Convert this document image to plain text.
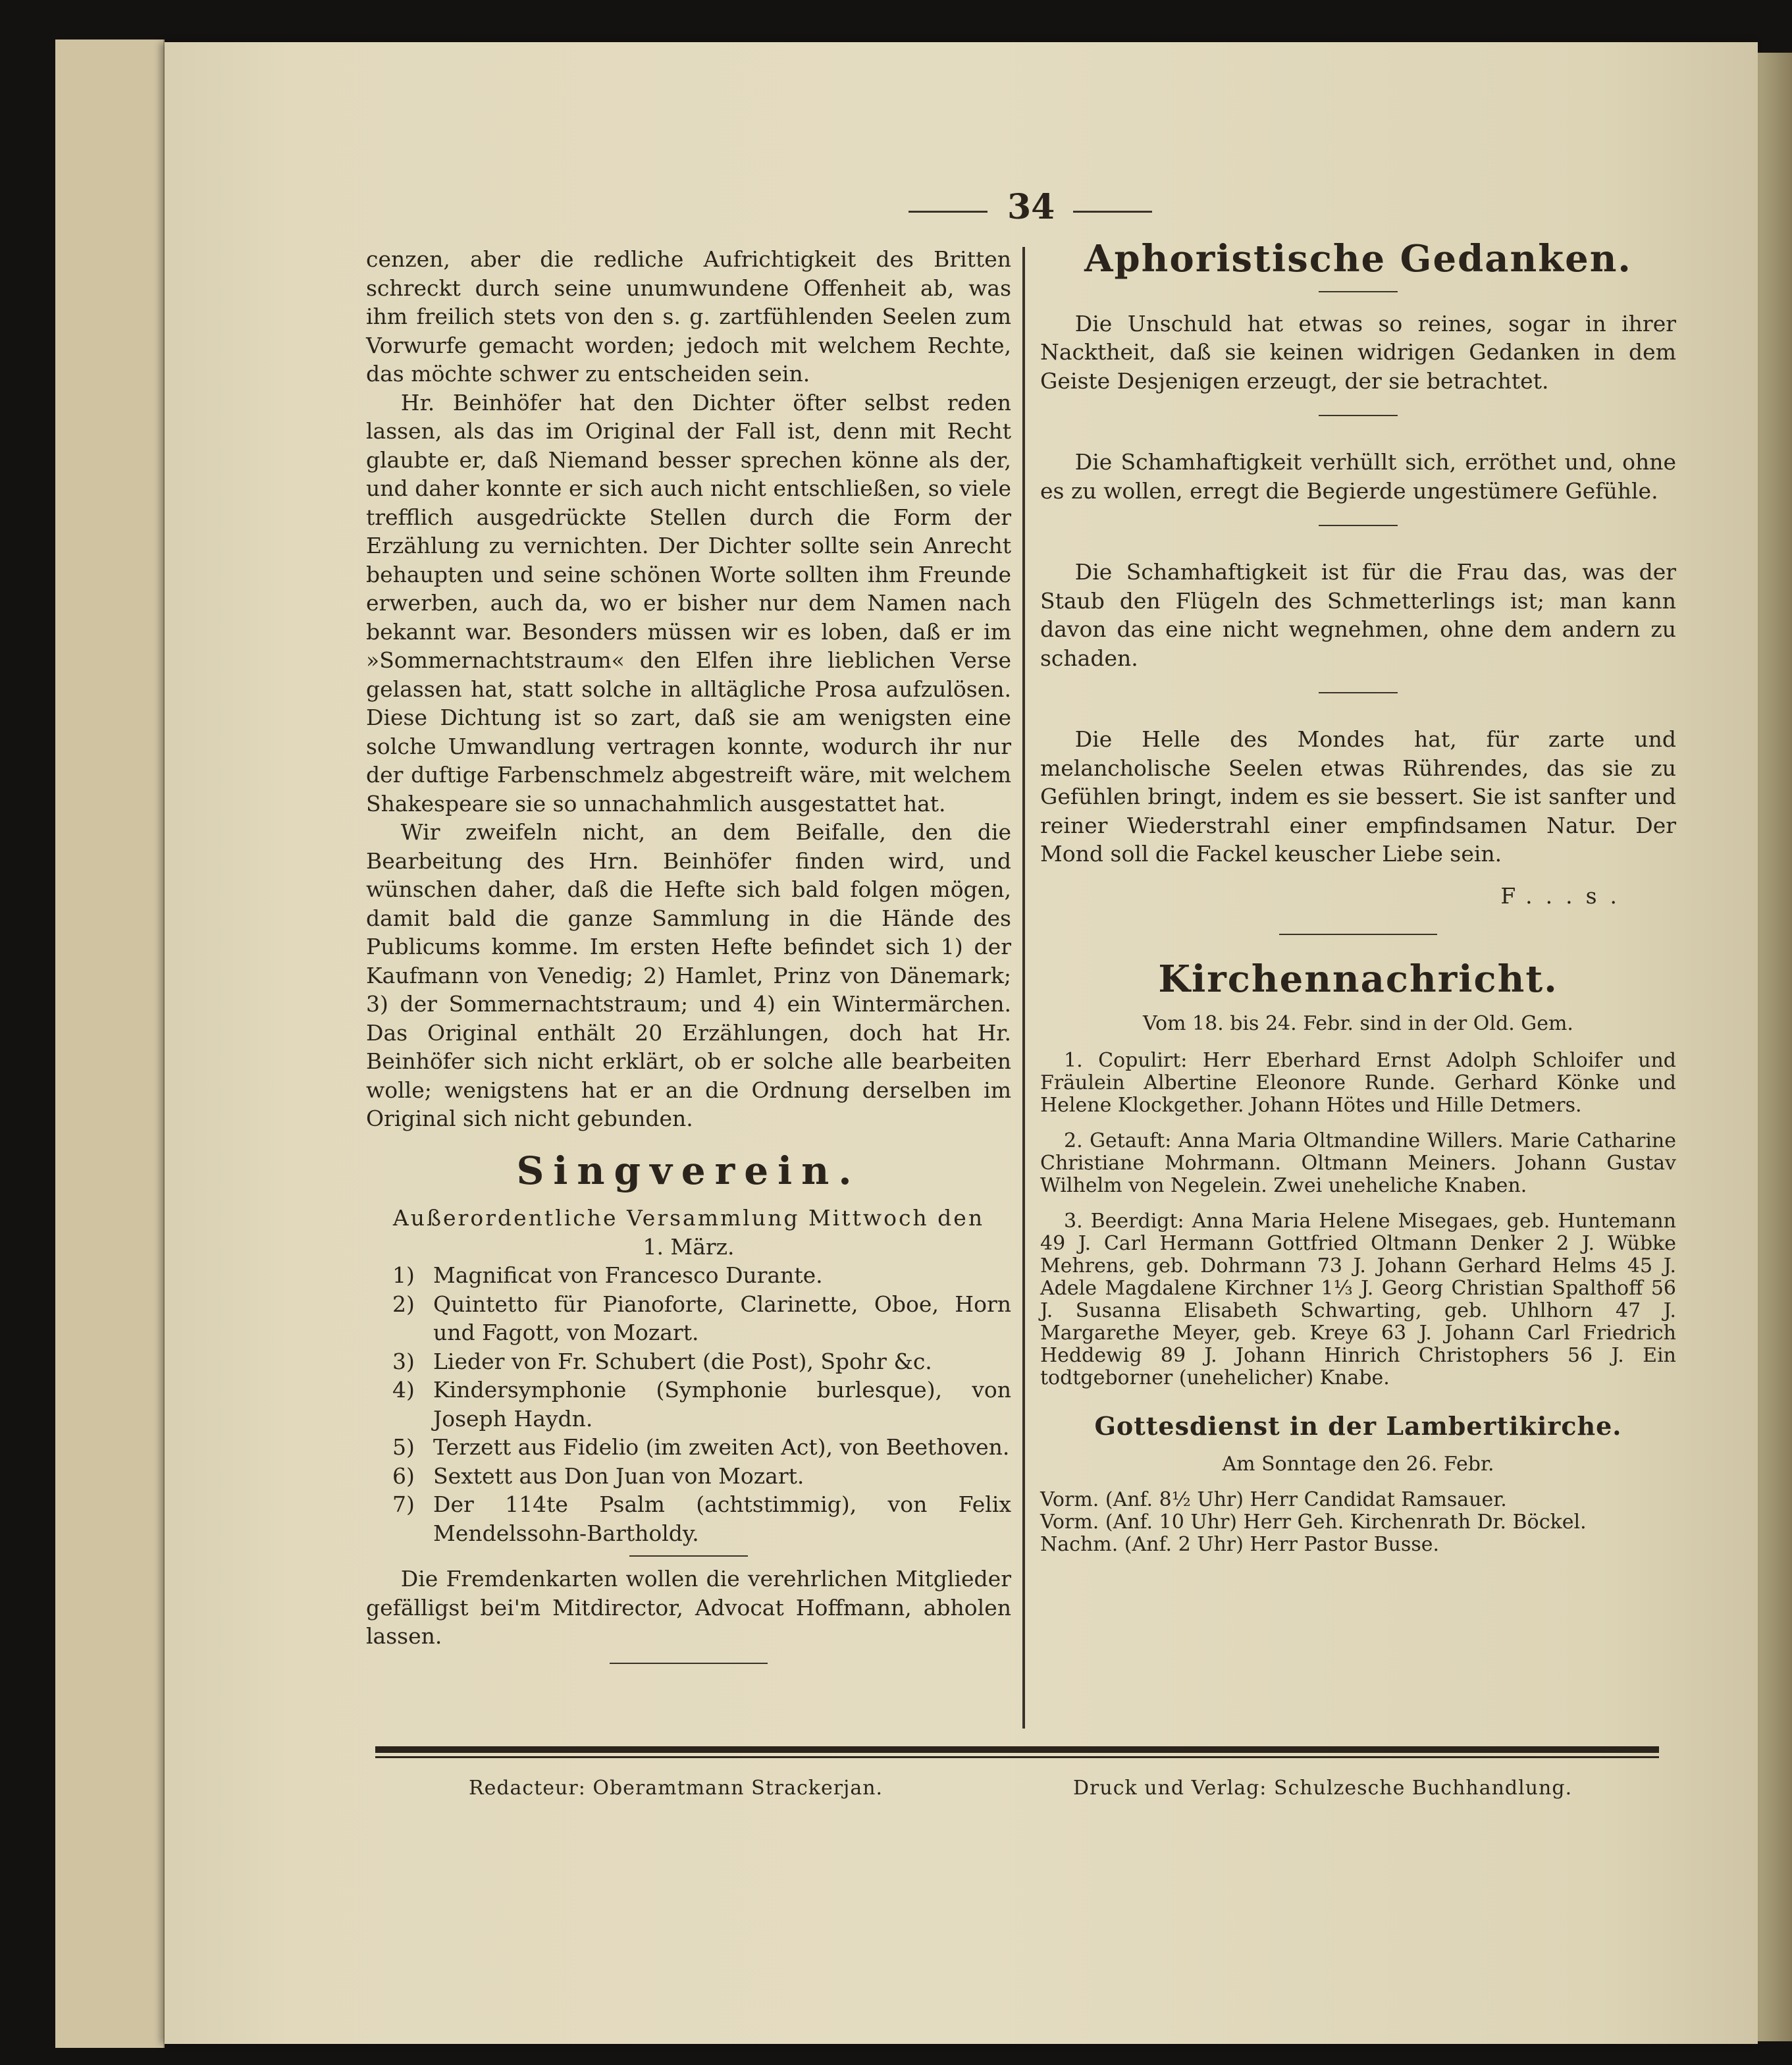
34

cenzen, aber die redliche Aufrichtigkeit des Britten schreckt durch seine unumwundene Offenheit ab, was ihm freilich stets von den s. g. zartfühlenden Seelen zum Vorwurfe gemacht worden; jedoch mit welchem Rechte, das möchte schwer zu entscheiden sein.

Hr. Beinhöfer hat den Dichter öfter selbst reden lassen, als das im Original der Fall ist, denn mit Recht glaubte er, daß Niemand besser sprechen könne als der, und daher konnte er sich auch nicht entschließen, so viele trefflich ausgedrückte Stellen durch die Form der Erzählung zu vernichten. Der Dichter sollte sein Anrecht behaupten und seine schönen Worte sollten ihm Freunde erwerben, auch da, wo er bisher nur dem Namen nach bekannt war. Besonders müssen wir es loben, daß er im »Sommernachtstraum« den Elfen ihre lieblichen Verse gelassen hat, statt solche in alltägliche Prosa aufzulösen. Diese Dichtung ist so zart, daß sie am wenigsten eine solche Umwandlung vertragen konnte, wodurch ihr nur der duftige Farbenschmelz abgestreift wäre, mit welchem Shakespeare sie so unnachahmlich ausgestattet hat.

Wir zweifeln nicht, an dem Beifalle, den die Bearbeitung des Hrn. Beinhöfer finden wird, und wünschen daher, daß die Hefte sich bald folgen mögen, damit bald die ganze Sammlung in die Hände des Publicums komme. Im ersten Hefte befindet sich 1) der Kaufmann von Venedig; 2) Hamlet, Prinz von Dänemark; 3) der Sommernachtstraum; und 4) ein Wintermärchen. Das Original enthält 20 Erzählungen, doch hat Hr. Beinhöfer sich nicht erklärt, ob er solche alle bearbeiten wolle; wenigstens hat er an die Ordnung derselben im Original sich nicht gebunden.

Singverein.

Außerordentliche Versammlung Mittwoch den

1. März.

1) Magnificat von Francesco Durante.
2) Quintetto für Pianoforte, Clarinette, Oboe, Horn und Fagott, von Mozart.
3) Lieder von Fr. Schubert (die Post), Spohr &c.
4) Kindersymphonie (Symphonie burlesque), von Joseph Haydn.
5) Terzett aus Fidelio (im zweiten Act), von Beethoven.
6) Sextett aus Don Juan von Mozart.
7) Der 114te Psalm (achtstimmig), von Felix Mendelssohn-Bartholdy.

Die Fremdenkarten wollen die verehrlichen Mitglieder gefälligst bei'm Mitdirector, Advocat Hoffmann, abholen lassen.

Aphoristische Gedanken.

Die Unschuld hat etwas so reines, sogar in ihrer Nacktheit, daß sie keinen widrigen Gedanken in dem Geiste Desjenigen erzeugt, der sie betrachtet.

Die Schamhaftigkeit verhüllt sich, erröthet und, ohne es zu wollen, erregt die Begierde ungestümere Gefühle.

Die Schamhaftigkeit ist für die Frau das, was der Staub den Flügeln des Schmetterlings ist; man kann davon das eine nicht wegnehmen, ohne dem andern zu schaden.

Die Helle des Mondes hat, für zarte und melancholische Seelen etwas Rührendes, das sie zu Gefühlen bringt, indem es sie bessert. Sie ist sanfter und reiner Wiederstrahl einer empfindsamen Natur. Der Mond soll die Fackel keuscher Liebe sein.

F...s.

Kirchennachricht.

Vom 18. bis 24. Febr. sind in der Old. Gem.

1. Copulirt: Herr Eberhard Ernst Adolph Schloifer und Fräulein Albertine Eleonore Runde. Gerhard Könke und Helene Klockgether. Johann Hötes und Hille Detmers.

2. Getauft: Anna Maria Oltmandine Willers. Marie Catharine Christiane Mohrmann. Oltmann Meiners. Johann Gustav Wilhelm von Negelein. Zwei uneheliche Knaben.

3. Beerdigt: Anna Maria Helene Misegaes, geb. Huntemann 49 J. Carl Hermann Gottfried Oltmann Denker 2 J. Wübke Mehrens, geb. Dohrmann 73 J. Johann Gerhard Helms 45 J. Adele Magdalene Kirchner 1⅓ J. Georg Christian Spalthoff 56 J. Susanna Elisabeth Schwarting, geb. Uhlhorn 47 J. Margarethe Meyer, geb. Kreye 63 J. Johann Carl Friedrich Heddewig 89 J. Johann Hinrich Christophers 56 J. Ein todtgeborner (unehelicher) Knabe.

Gottesdienst in der Lambertikirche.

Am Sonntage den 26. Febr.

Vorm. (Anf. 8½ Uhr) Herr Candidat Ramsauer.

Vorm. (Anf. 10 Uhr) Herr Geh. Kirchenrath Dr. Böckel.

Nachm. (Anf. 2 Uhr) Herr Pastor Busse.

Redacteur: Oberamtmann Strackerjan.	Druck und Verlag: Schulzesche Buchhandlung.
